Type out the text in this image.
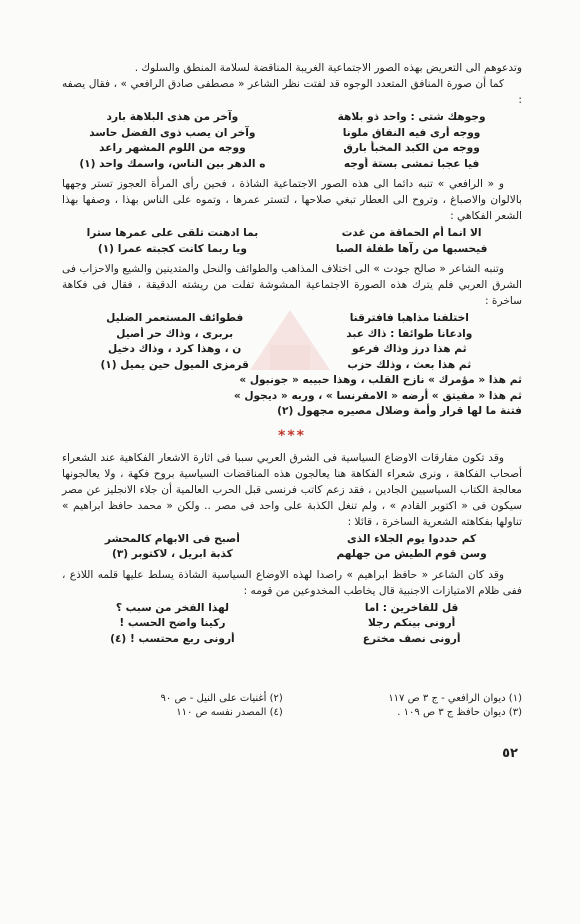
وتدعوهم الى التعريض بهذه الصور الاجتماعية الغريبة المناقضة لسلامة المنطق والسلوك .

كما أن صورة المنافق المتعدد الوجوه قد لفتت نظر الشاعر « مصطفى صادق الرافعي » ، فقال يصفه :

وجوهك شتى : واحد ذو بلاهة
وآخر من هذى البلاهة بارد
ووجه أرى فيه النفاق ملونا
وآخر ان يصب ذوى الفضل حاسد
ووجه من الكبد المخبأ بارق
ووجه من اللوم المشهر راعد
فيا عجبا تمشى بستة أوجه
ه الدهر بين الناس، واسمك واحد (١)

و « الرافعي » تنبه دائما الى هذه الصور الاجتماعية الشاذة ، فحين رأى المرأة العجوز تستر وجهها بالالوان والاصباغ ، وتروح الى العطار تبغي صلاحها ، لتستر عمرها ، وتموه على الناس بهذا ، وصفها بهذا الشعر الفكاهي :

الا انما أم الحماقة من غدت
بما ادهنت تلقى على عمرها سترا
فيحسبها من رآها طفلة الصبا
ويا ربما كانت كجبته عمرا (١)

وتنبه الشاعر « صالح جودت » الى اختلاف المذاهب والطوائف والنحل والمتدينين والشيع والاحزاب فى الشرق العربي فلم يترك هذه الصورة الاجتماعية المشوشة تفلت من ريشته الدقيقة ، فقال فى فكاهة ساخرة :

اختلفنا مذاهبا فافترقنا
فطوائف المستعمر الضليل
وادعانا طوائفا : ذاك عبد
بربرى ، وذاك حر أصيل
ثم هذا درز وذاك فرعو
ن ، وهذا كرد ، وذاك دخيل
ثم هذا بعث ، وذلك حزب
قرمزى الميول حين يميل (١)
ثم هذا « مؤمرك » نازح القلب ، وهذا حبيبه « جونبول »
ثم هذا « مفيتق » أرضه « الامفرنسا » ، وربه « ديجول »
فتنة ما لها قرار وأمة وضلال مصيره مجهول (٢)
***

وقد تكون مفارقات الاوضاع السياسية فى الشرق العربي سببا فى اثارة الاشعار الفكاهية عند الشعراء أصحاب الفكاهة ، ونرى شعراء الفكاهة هنا يعالجون هذه المناقضات السياسية بروح فكهة ، ولا يعالجونها معالجة الكتاب السياسيين الجادين ، فقد زعم كاتب فرنسى قبل الحرب العالمية أن جلاء الانجليز عن مصر سيكون فى « اكتوبر القادم » ، ولم تنغل الكذبة على واحد فى مصر .. ولكن « محمد حافظ ابراهيم » تناولها بفكاهته الشعرية الساخرة ، قائلا :

كم حددوا يوم الجلاء الذى
أصبح فى الابهام كالمحشر
وسن قوم الطيش من جهلهم
كذبة ابريل ، لاكتوبر (٣)

وقد كان الشاعر « حافظ ابراهيم » راصدا لهذه الاوضاع السياسية الشاذة يسلط عليها قلمه اللاذع ، ففى ظلام الامتيازات الاجنبية قال يخاطب المخدوعين من قومه :

قل للفاخرين : اما
لهذا الفخر من سبب ؟
أرونى بينكم رجلا
ركينا واضح الحسب !
أرونى نصف مخترع
أرونى ربع محتسب ! (٤)
(١) ديوان الرافعي - ج ٣ ص ١١٧
(٢) أغنيات على النيل - ص ٩٠
(٣) ديوان حافظ ج ٣ ص ١٠٩ .
(٤) المصدر نفسه ص ١١٠
٥٢
